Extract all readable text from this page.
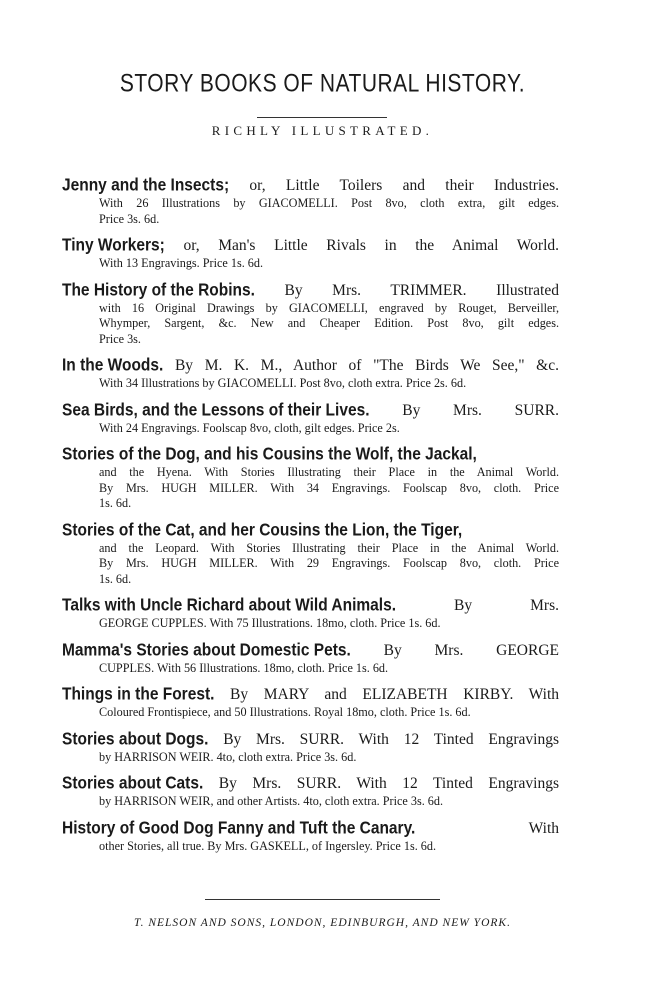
STORY BOOKS OF NATURAL HISTORY.
RICHLY ILLUSTRATED.
Jenny and the Insects; or, Little Toilers and their Industries.
With 26 Illustrations by GIACOMELLI. Post 8vo, cloth extra, gilt edges.
Price 3s. 6d.
Tiny Workers; or, Man's Little Rivals in the Animal World.
With 13 Engravings. Price 1s. 6d.
The History of the Robins. By Mrs. TRIMMER. Illustrated
with 16 Original Drawings by GIACOMELLI, engraved by Rouget, Berveiller,
Whymper, Sargent, &c. New and Cheaper Edition. Post 8vo, gilt edges.
Price 3s.
In the Woods. By M. K. M., Author of "The Birds We See," &c.
With 34 Illustrations by GIACOMELLI. Post 8vo, cloth extra. Price 2s. 6d.
Sea Birds, and the Lessons of their Lives. By Mrs. SURR.
With 24 Engravings. Foolscap 8vo, cloth, gilt edges. Price 2s.
Stories of the Dog, and his Cousins the Wolf, the Jackal,
and the Hyena. With Stories Illustrating their Place in the Animal World.
By Mrs. HUGH MILLER. With 34 Engravings. Foolscap 8vo, cloth. Price
1s. 6d.
Stories of the Cat, and her Cousins the Lion, the Tiger,
and the Leopard. With Stories Illustrating their Place in the Animal World.
By Mrs. HUGH MILLER. With 29 Engravings. Foolscap 8vo, cloth. Price
1s. 6d.
Talks with Uncle Richard about Wild Animals.	By Mrs.
GEORGE CUPPLES. With 75 Illustrations. 18mo, cloth. Price 1s. 6d.
Mamma's Stories about Domestic Pets. By Mrs. GEORGE
CUPPLES. With 56 Illustrations. 18mo, cloth. Price 1s. 6d.
Things in the Forest. By MARY and ELIZABETH KIRBY. With
Coloured Frontispiece, and 50 Illustrations. Royal 18mo, cloth. Price 1s. 6d.
Stories about Dogs. By Mrs. SURR. With 12 Tinted Engravings
by HARRISON WEIR. 4to, cloth extra. Price 3s. 6d.
Stories about Cats. By Mrs. SURR. With 12 Tinted Engravings
by HARRISON WEIR, and other Artists. 4to, cloth extra. Price 3s. 6d.
History of Good Dog Fanny and Tuft the Canary.	With
other Stories, all true. By Mrs. GASKELL, of Ingersley. Price 1s. 6d.
T. NELSON AND SONS, LONDON, EDINBURGH, AND NEW YORK.
